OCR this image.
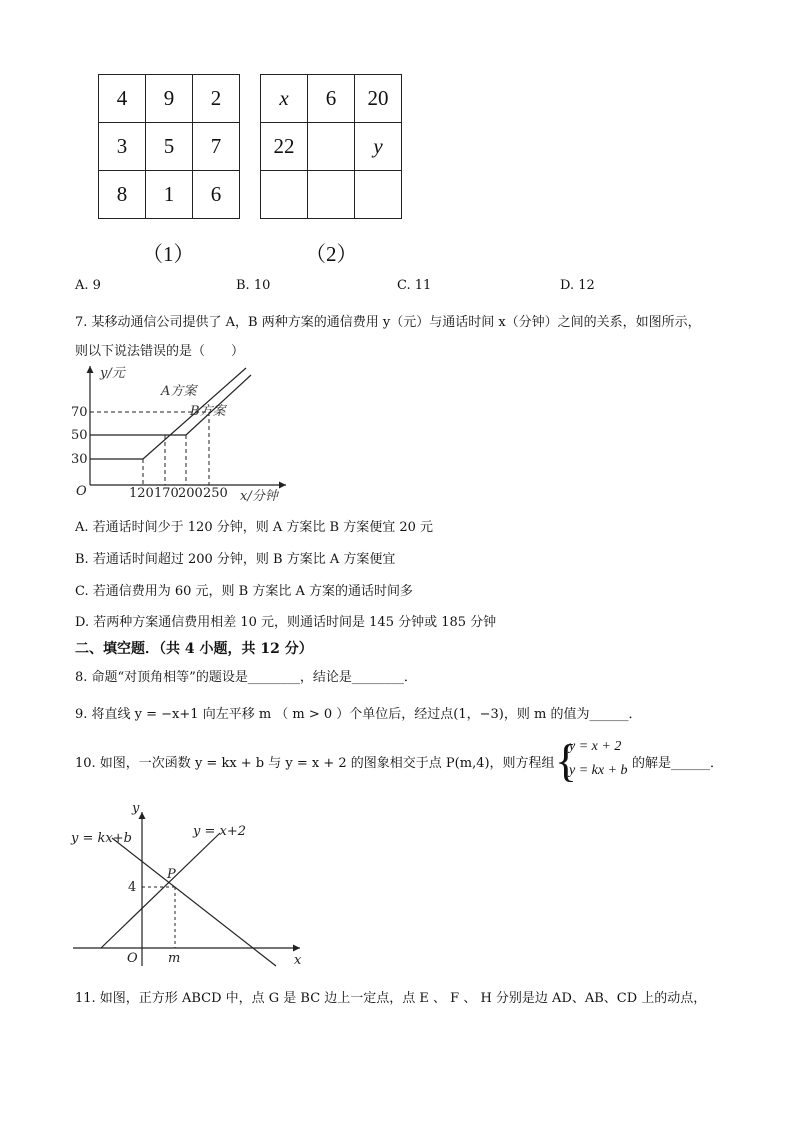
4	9	2
3	5	7
8	1	6
x	6	20
22		y

（1）	（2）
A. 9	B. 10	C. 11	D. 12
7. 某移动通信公司提供了 A，B 两种方案的通信费用 y（元）与通话时间 x（分钟）之间的关系，如图所示，
则以下说法错误的是（　　）
y/元
A方案
B方案
70
50
30
O	120 170 200 250 x/分钟
A. 若通话时间少于 120 分钟，则 A 方案比 B 方案便宜 20 元
B. 若通话时间超过 200 分钟，则 B 方案比 A 方案便宜
C. 若通信费用为 60 元，则 B 方案比 A 方案的通话时间多
D. 若两种方案通信费用相差 10 元，则通话时间是 145 分钟或 185 分钟
二、填空题．（共 4 小题，共 12 分）
8. 命题“对顶角相等”的题设是________，结论是________．
9. 将直线 y = −x+1 向左平移 m （ m > 0 ）个单位后，经过点(1，−3)，则 m 的值为______．
10. 如图，一次函数 y = kx + b 与 y = x + 2 的图象相交于点 P(m,4)，则方程组 {
y = x + 2
y = kx + b 的解是______．
y
y = kx+b	y = x+2
P
4
O m	x
11. 如图，正方形 ABCD 中，点 G 是 BC 边上一定点，点 E 、 F 、 H 分别是边 AD、AB、CD 上的动点，
